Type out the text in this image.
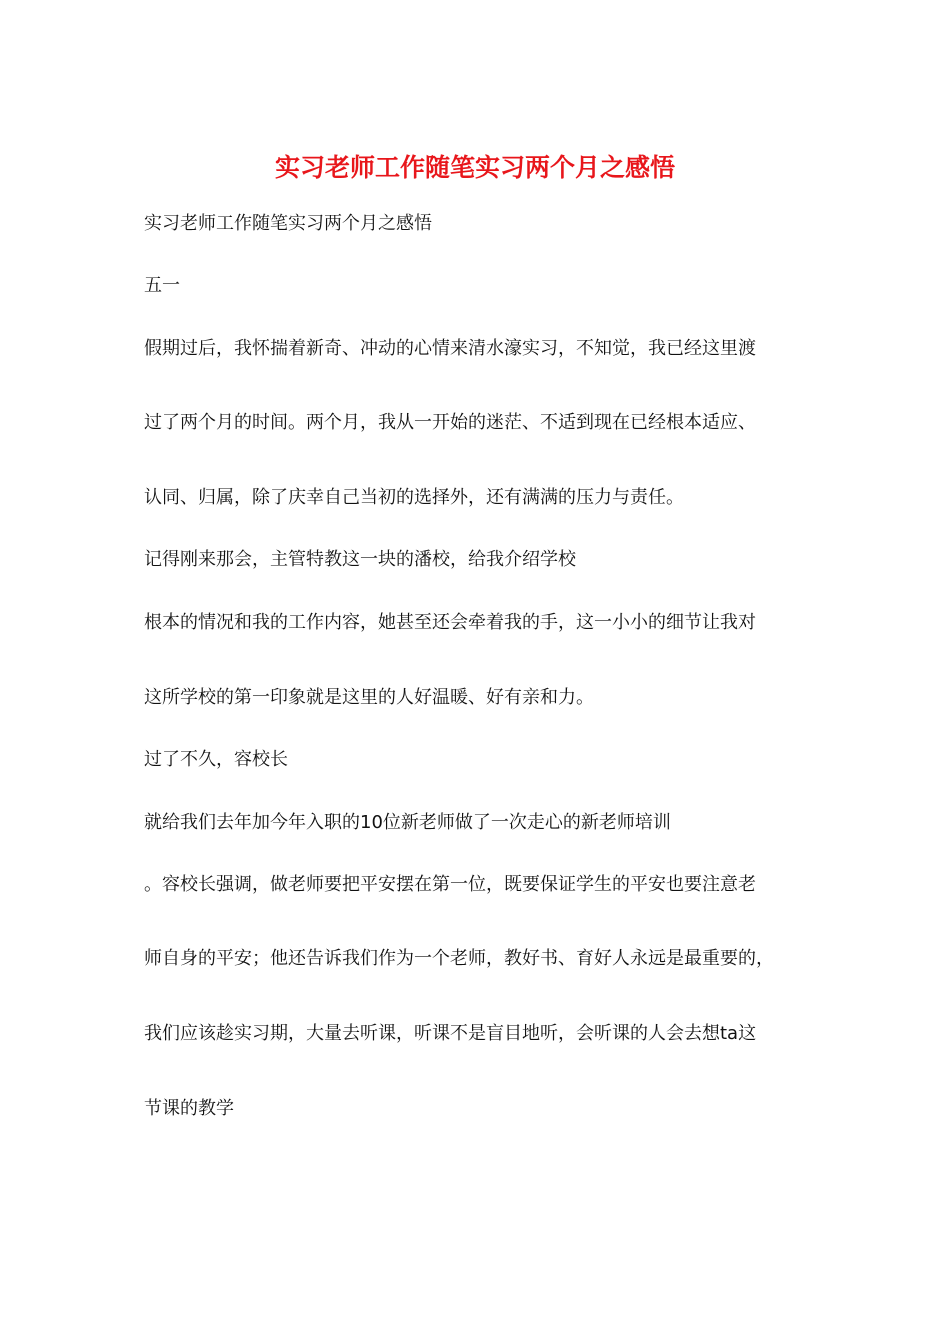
实习老师工作随笔实习两个月之感悟
实习老师工作随笔实习两个月之感悟
五一
假期过后，我怀揣着新奇、冲动的心情来清水濠实习，不知觉，我已经这里渡
过了两个月的时间。两个月，我从一开始的迷茫、不适到现在已经根本适应、
认同、归属，除了庆幸自己当初的选择外，还有满满的压力与责任。
记得刚来那会，主管特教这一块的潘校，给我介绍学校
根本的情况和我的工作内容，她甚至还会牵着我的手，这一小小的细节让我对
这所学校的第一印象就是这里的人好温暖、好有亲和力。
过了不久，容校长
就给我们去年加今年入职的10位新老师做了一次走心的新老师培训
。容校长强调，做老师要把平安摆在第一位，既要保证学生的平安也要注意老
师自身的平安；他还告诉我们作为一个老师，教好书、育好人永远是最重要的，
我们应该趁实习期，大量去听课，听课不是盲目地听，会听课的人会去想ta这
节课的教学
